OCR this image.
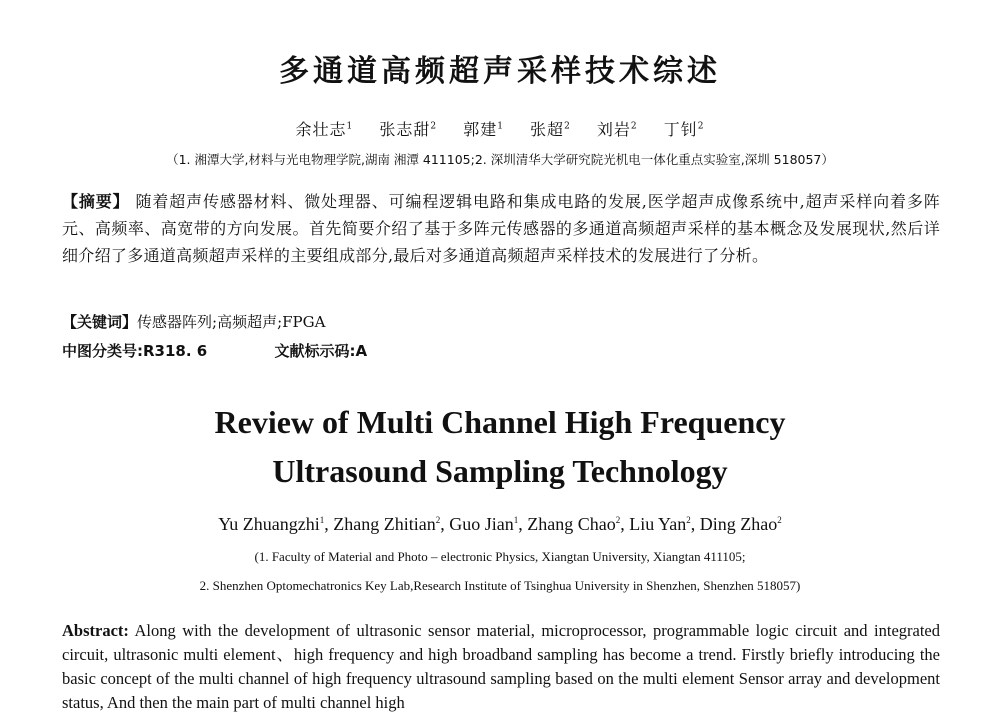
多通道高频超声采样技术综述
余壮志$^1$ 张志甜$^2$ 郭建$^1$ 张超$^2$ 刘岩$^2$ 丁钊$^2$
（1. 湘潭大学,材料与光电物理学院,湖南 湘潭 411105;2. 深圳清华大学研究院光机电一体化重点实验室,深圳 518057）
【摘要】 随着超声传感器材料、微处理器、可编程逻辑电路和集成电路的发展,医学超声成像系统中,超声采样向着多阵元、高频率、高宽带的方向发展。首先简要介绍了基于多阵元传感器的多通道高频超声采样的基本概念及发展现状,然后详细介绍了多通道高频超声采样的主要组成部分,最后对多通道高频超声采样技术的发展进行了分析。
【关键词】传感器阵列;高频超声;FPGA
中图分类号:R318. 6	文献标示码:A
Review of Multi Channel High Frequency
Ultrasound Sampling Technology
Yu Zhuangzhi$^1$, Zhang Zhitian$^2$, Guo Jian$^1$, Zhang Chao$^2$, Liu Yan$^2$, Ding Zhao$^2$
(1. Faculty of Material and Photo – electronic Physics, Xiangtan University, Xiangtan 411105;
2. Shenzhen Optomechatronics Key Lab,Research Institute of Tsinghua University in Shenzhen, Shenzhen 518057)
Abstract: Along with the development of ultrasonic sensor material, microprocessor, programmable logic circuit and integrated circuit, ultrasonic multi element、high frequency and high broadband sampling has become a trend. Firstly briefly introducing the basic concept of the multi channel of high frequency ultrasound sampling based on the multi element Sensor array and development status, And then the main part of multi channel high
